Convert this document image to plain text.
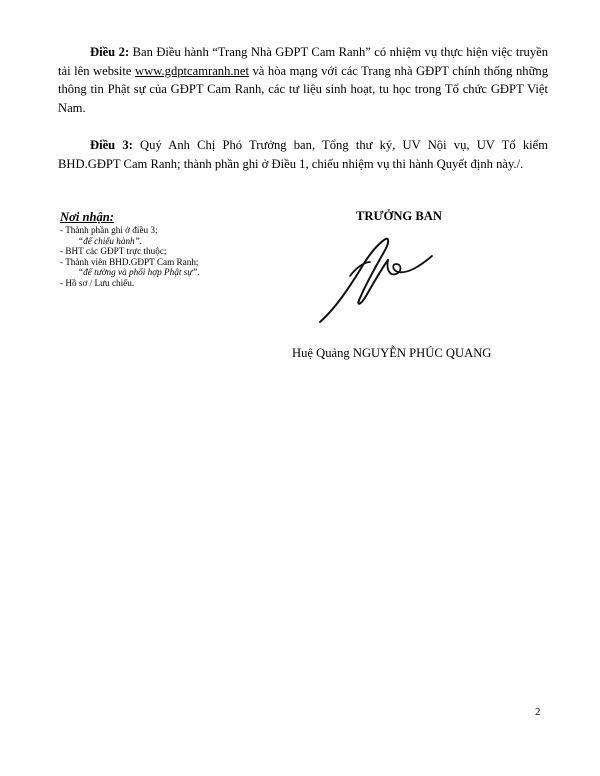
Điều 2: Ban Điều hành “Trang Nhà GĐPT Cam Ranh” có nhiệm vụ thực hiện việc truyền tải lên website www.gdptcamranh.net và hòa mạng với các Trang nhà GĐPT chính thống những thông tin Phật sự của GĐPT Cam Ranh, các tư liệu sinh hoạt, tu học trong Tổ chức GĐPT Việt Nam.

Điều 3: Quý Anh Chị Phó Trưởng ban, Tổng thư ký, UV Nội vụ, UV Tổ kiểm BHD.GĐPT Cam Ranh; thành phần ghi ở Điều 1, chiếu nhiệm vụ thi hành Quyết định này./.

Nơi nhận:
- Thành phần ghi ở điều 3;
“để chiếu hành”.
- BHT các GĐPT trực thuộc;
- Thành viên BHD.GĐPT Cam Ranh;
“để tường và phối hợp Phật sự”.
- Hồ sơ / Lưu chiếu.
TRƯỞNG BAN
Huệ Quảng NGUYỄN PHÚC QUANG
2
